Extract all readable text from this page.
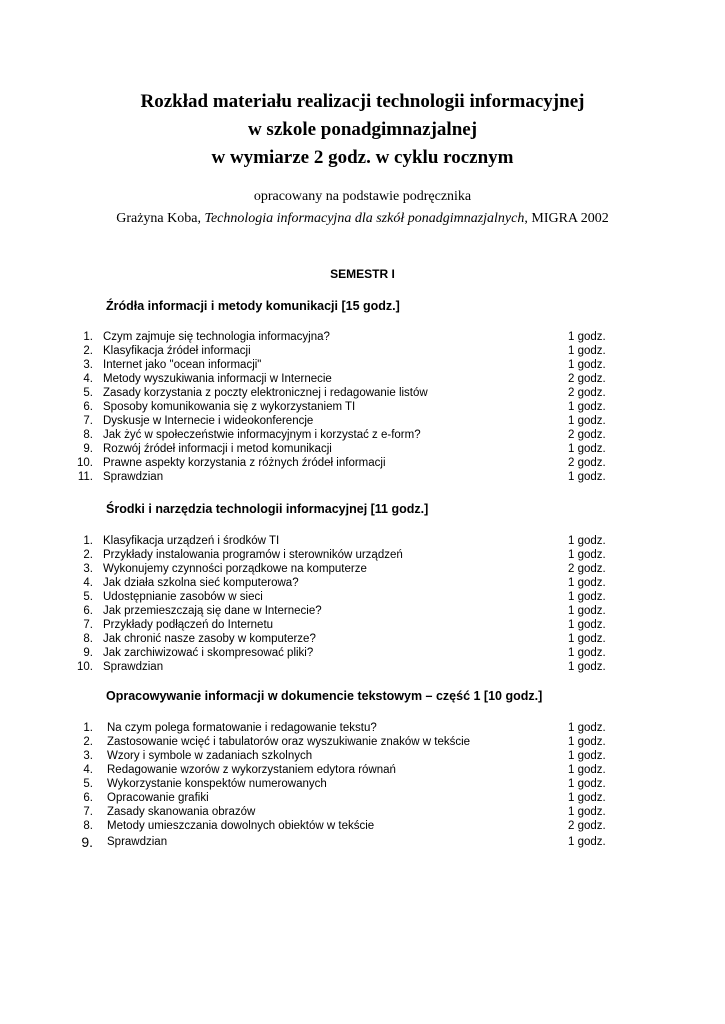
Rozkład materiału realizacji technologii informacyjnej
w szkole ponadgimnazjalnej
w wymiarze 2 godz. w cyklu rocznym
opracowany na podstawie podręcznika
Grażyna Koba, Technologia informacyjna dla szkół ponadgimnazjalnych, MIGRA 2002
SEMESTR I
Źródła informacji i metody komunikacji [15 godz.]
1. Czym zajmuje się technologia informacyjna?	1 godz.
2. Klasyfikacja źródeł informacji	1 godz.
3. Internet jako "ocean informacji"	1 godz.
4. Metody wyszukiwania informacji w Internecie	2 godz.
5. Zasady korzystania z poczty elektronicznej i redagowanie listów	2 godz.
6. Sposoby komunikowania się z wykorzystaniem TI	1 godz.
7. Dyskusje w Internecie i wideokonferencje	1 godz.
8. Jak żyć w społeczeństwie informacyjnym i korzystać z e-form?	2 godz.
9. Rozwój źródeł informacji i metod komunikacji	1 godz.
10. Prawne aspekty korzystania z różnych źródeł informacji	2 godz.
11. Sprawdzian	1 godz.
Środki i narzędzia technologii informacyjnej [11 godz.]
1. Klasyfikacja urządzeń i środków TI	1 godz.
2. Przykłady instalowania programów i sterowników urządzeń	1 godz.
3. Wykonujemy czynności porządkowe na komputerze	2 godz.
4. Jak działa szkolna sieć komputerowa?	1 godz.
5. Udostępnianie zasobów w sieci	1 godz.
6. Jak przemieszczają się dane w Internecie?	1 godz.
7. Przykłady podłączeń do Internetu	1 godz.
8. Jak chronić nasze zasoby w komputerze?	1 godz.
9. Jak zarchiwizować i skompresować pliki?	1 godz.
10. Sprawdzian	1 godz.
Opracowywanie informacji w dokumencie tekstowym – część 1 [10 godz.]
1. Na czym polega formatowanie i redagowanie tekstu?	1 godz.
2. Zastosowanie wcięć i tabulatorów oraz wyszukiwanie znaków w tekście	1 godz.
3. Wzory i symbole w zadaniach szkolnych	1 godz.
4. Redagowanie wzorów z wykorzystaniem edytora równań	1 godz.
5. Wykorzystanie konspektów numerowanych	1 godz.
6. Opracowanie grafiki	1 godz.
7. Zasady skanowania obrazów	1 godz.
8. Metody umieszczania dowolnych obiektów w tekście	2 godz.
9. Sprawdzian	1 godz.
